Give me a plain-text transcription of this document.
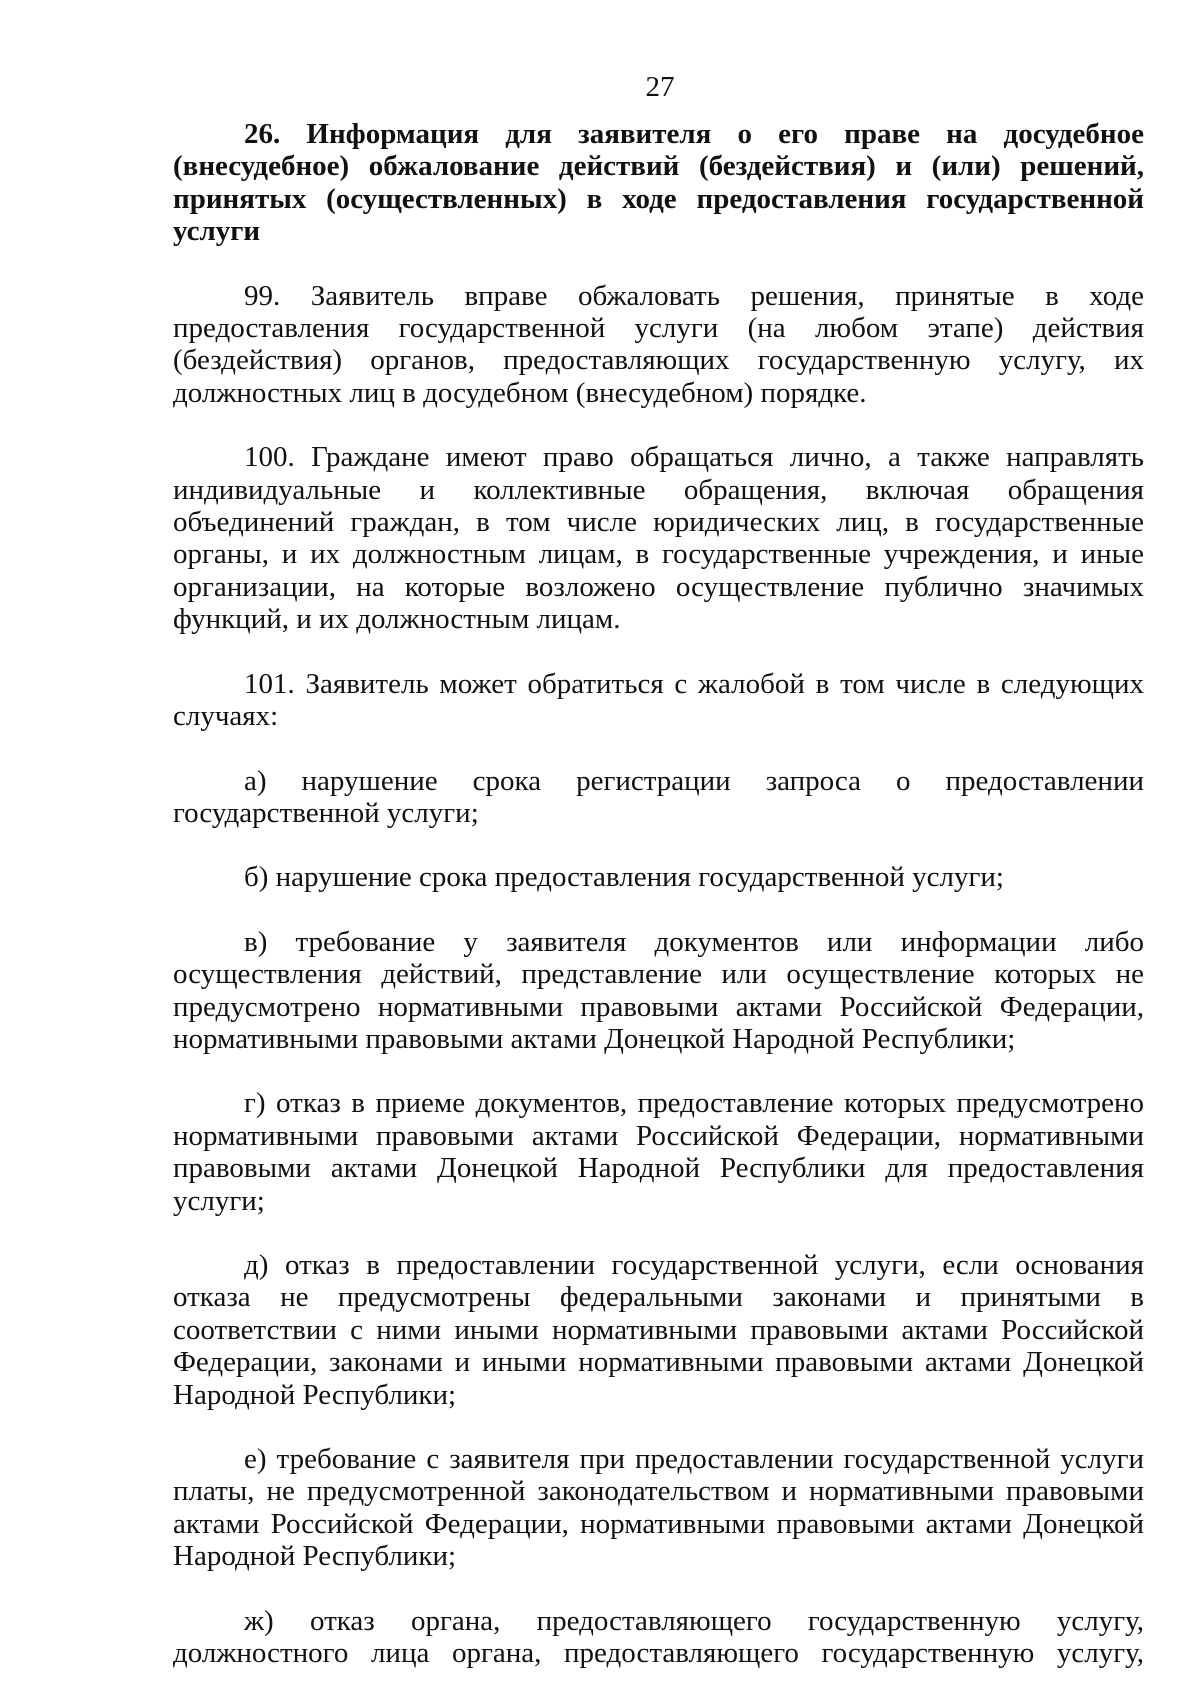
27

26. Информация для заявителя о его праве на досудебное (внесудебное) обжалование действий (бездействия) и (или) решений, принятых (осуществленных) в ходе предоставления государственной услуги

99. Заявитель вправе обжаловать решения, принятые в ходе предоставления государственной услуги (на любом этапе) действия (бездействия) органов, предоставляющих государственную услугу, их должностных лиц в досудебном (внесудебном) порядке.

100. Граждане имеют право обращаться лично, а также направлять индивидуальные и коллективные обращения, включая обращения объединений граждан, в том числе юридических лиц, в государственные органы, и их должностным лицам, в государственные учреждения, и иные организации, на которые возложено осуществление публично значимых функций, и их должностным лицам.

101. Заявитель может обратиться с жалобой в том числе в следующих случаях:

а) нарушение срока регистрации запроса о предоставлении государственной услуги;

б) нарушение срока предоставления государственной услуги;

в) требование у заявителя документов или информации либо осуществления действий, представление или осуществление которых не предусмотрено нормативными правовыми актами Российской Федерации, нормативными правовыми актами Донецкой Народной Республики;

г) отказ в приеме документов, предоставление которых предусмотрено нормативными правовыми актами Российской Федерации, нормативными правовыми актами Донецкой Народной Республики для предоставления услуги;

д) отказ в предоставлении государственной услуги, если основания отказа не предусмотрены федеральными законами и принятыми в соответствии с ними иными нормативными правовыми актами Российской Федерации, законами и иными нормативными правовыми актами Донецкой Народной Республики;

е) требование с заявителя при предоставлении государственной услуги платы, не предусмотренной законодательством и нормативными правовыми актами Российской Федерации, нормативными правовыми актами Донецкой Народной Республики;

ж) отказ органа, предоставляющего государственную услугу, должностного лица органа, предоставляющего государственную услугу,
